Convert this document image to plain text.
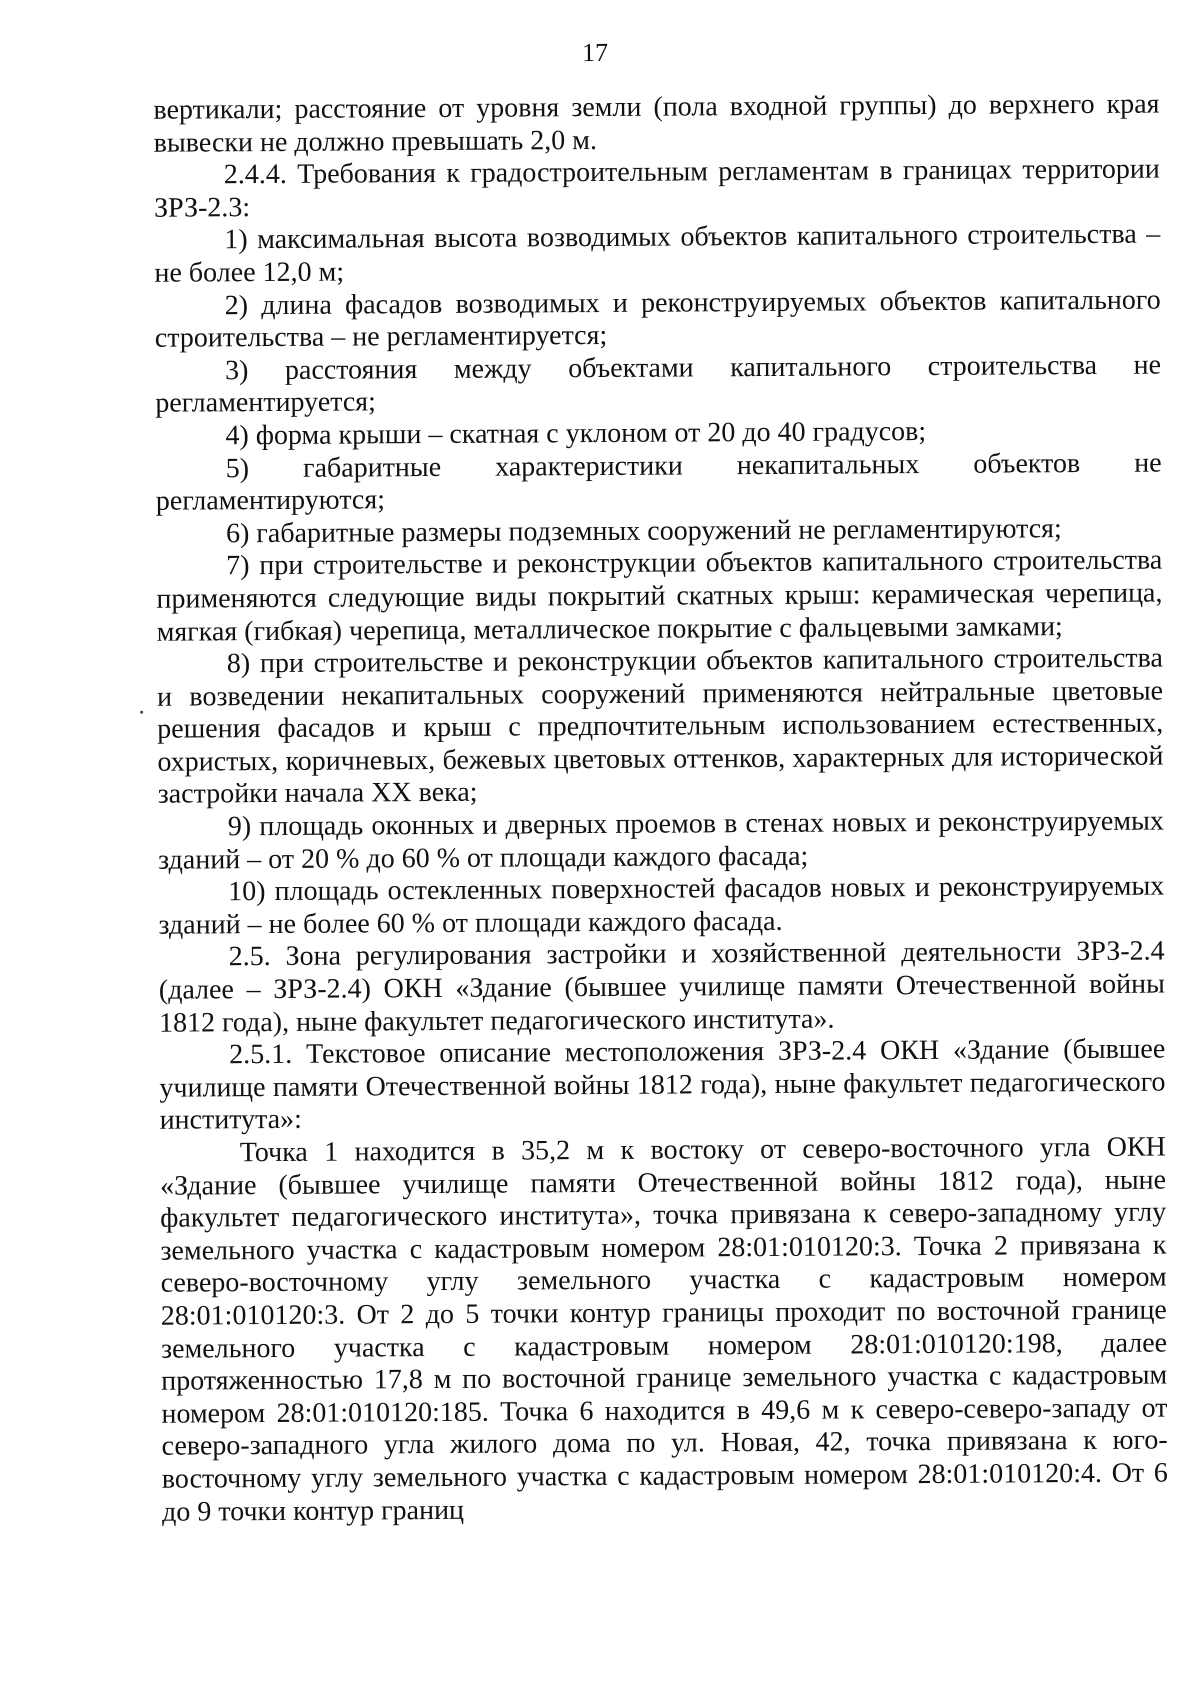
17

вертикали; расстояние от уровня земли (пола входной группы) до верхнего края вывески не должно превышать 2,0 м.

2.4.4. Требования к градостроительным регламентам в границах территории ЗРЗ-2.3:

1) максимальная высота возводимых объектов капитального строительства – не более 12,0 м;

2) длина фасадов возводимых и реконструируемых объектов капитального строительства – не регламентируется;

3) расстояния между объектами капитального строительства не регламентируется;

4) форма крыши – скатная с уклоном от 20 до 40 градусов;

5) габаритные характеристики некапитальных объектов не регламентируются;

6) габаритные размеры подземных сооружений не регламентируются;

7) при строительстве и реконструкции объектов капитального строительства применяются следующие виды покрытий скатных крыш: керамическая черепица, мягкая (гибкая) черепица, металлическое покрытие с фальцевыми замками;

8) при строительстве и реконструкции объектов капитального строительства и возведении некапитальных сооружений применяются нейтральные цветовые решения фасадов и крыш с предпочтительным использованием естественных, охристых, коричневых, бежевых цветовых оттенков, характерных для исторической застройки начала XX века;

9) площадь оконных и дверных проемов в стенах новых и реконструируемых зданий – от 20 % до 60 % от площади каждого фасада;

10) площадь остекленных поверхностей фасадов новых и реконструируемых зданий – не более 60 % от площади каждого фасада.

2.5. Зона регулирования застройки и хозяйственной деятельности ЗРЗ-2.4 (далее – ЗРЗ-2.4) ОКН «Здание (бывшее училище памяти Отечественной войны 1812 года), ныне факультет педагогического института».

2.5.1. Текстовое описание местоположения ЗРЗ-2.4 ОКН «Здание (бывшее училище памяти Отечественной войны 1812 года), ныне факультет педагогического института»:

Точка 1 находится в 35,2 м к востоку от северо-восточного угла ОКН «Здание (бывшее училище памяти Отечественной войны 1812 года), ныне факультет педагогического института», точка привязана к северо-западному углу земельного участка с кадастровым номером 28:01:010120:3. Точка 2 привязана к северо-восточному углу земельного участка с кадастровым номером 28:01:010120:3. От 2 до 5 точки контур границы проходит по восточной границе земельного участка с кадастровым номером 28:01:010120:198, далее протяженностью 17,8 м по восточной границе земельного участка с кадастровым номером 28:01:010120:185. Точка 6 находится в 49,6 м к северо-северо-западу от северо-западного угла жилого дома по ул. Новая, 42, точка привязана к юго-восточному углу земельного участка с кадастровым номером 28:01:010120:4. От 6 до 9 точки контур границ
